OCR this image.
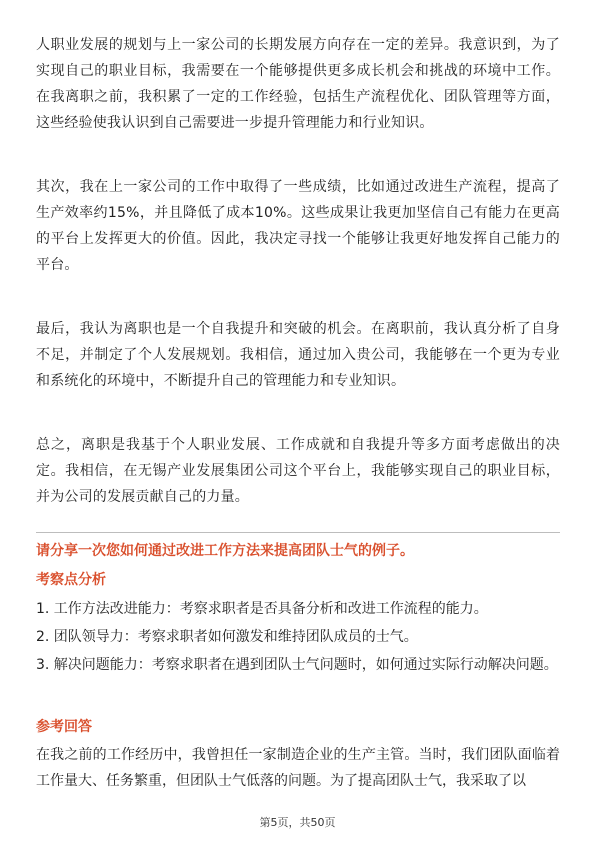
人职业发展的规划与上一家公司的长期发展方向存在一定的差异。我意识到，为了实现自己的职业目标，我需要在一个能够提供更多成长机会和挑战的环境中工作。在我离职之前，我积累了一定的工作经验，包括生产流程优化、团队管理等方面，这些经验使我认识到自己需要进一步提升管理能力和行业知识。

其次，我在上一家公司的工作中取得了一些成绩，比如通过改进生产流程，提高了生产效率约15%，并且降低了成本10%。这些成果让我更加坚信自己有能力在更高的平台上发挥更大的价值。因此，我决定寻找一个能够让我更好地发挥自己能力的平台。

最后，我认为离职也是一个自我提升和突破的机会。在离职前，我认真分析了自身不足，并制定了个人发展规划。我相信，通过加入贵公司，我能够在一个更为专业和系统化的环境中，不断提升自己的管理能力和专业知识。

总之，离职是我基于个人职业发展、工作成就和自我提升等多方面考虑做出的决定。我相信，在无锡产业发展集团公司这个平台上，我能够实现自己的职业目标，并为公司的发展贡献自己的力量。

请分享一次您如何通过改进工作方法来提高团队士气的例子。
考察点分析
1. 工作方法改进能力：考察求职者是否具备分析和改进工作流程的能力。
2. 团队领导力：考察求职者如何激发和维持团队成员的士气。
3. 解决问题能力：考察求职者在遇到团队士气问题时，如何通过实际行动解决问题。
参考回答
在我之前的工作经历中，我曾担任一家制造企业的生产主管。当时，我们团队面临着工作量大、任务繁重，但团队士气低落的问题。为了提高团队士气，我采取了以
第5页，共50页
